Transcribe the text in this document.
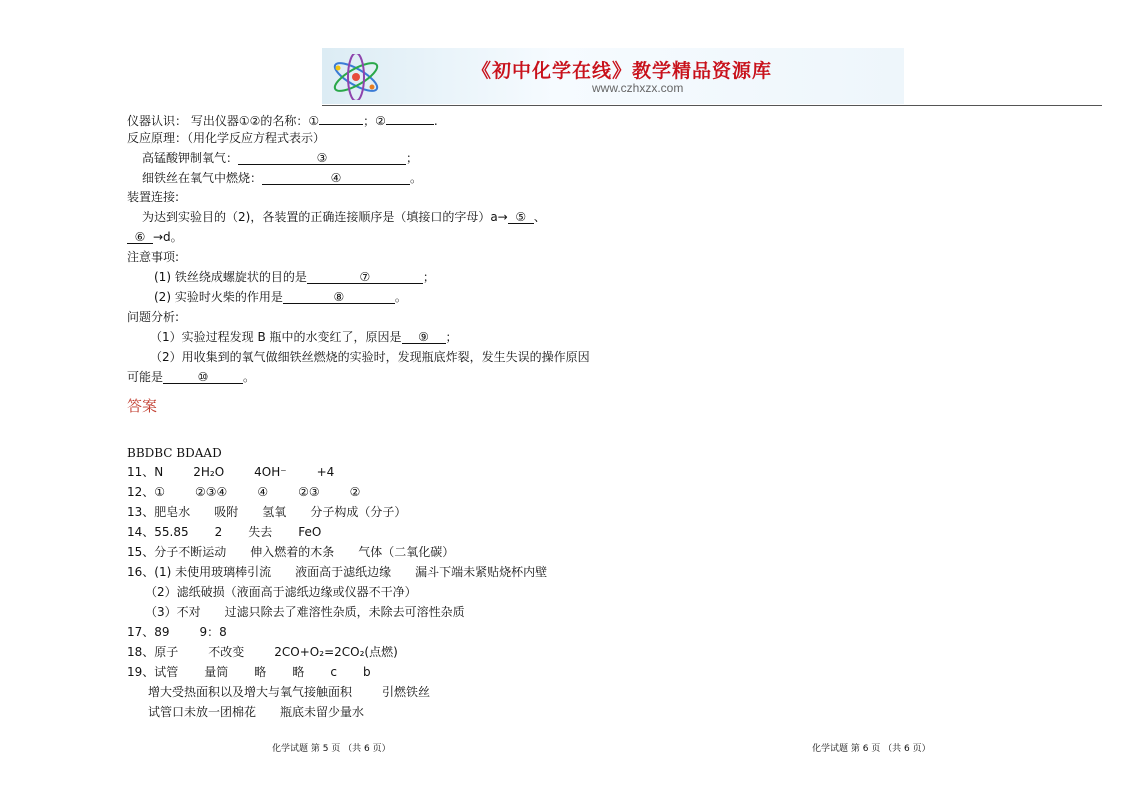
《初中化学在线》教学精品资源库
www.czhxzx.com
仪器认识： 写出仪器①②的名称：①	；②	.
反应原理：（用化学反应方程式表示）
高锰酸钾制氧气：	③	；
细铁丝在氧气中燃烧：	④	。
装置连接:
为达到实验目的（2)，各装置的正确连接顺序是（填接口的字母）a→ ⑤ 、
⑥ →d。
注意事项:
(1) 铁丝绕成螺旋状的目的是	⑦	；
(2) 实验时火柴的作用是	⑧	。
问题分析:
（1）实验过程发现 B 瓶中的水变红了，原因是 ⑨ ；
（2）用收集到的氧气做细铁丝燃烧的实验时，发现瓶底炸裂，发生失误的操作原因
可能是	⑩	。
答案
BBDBC BDAAD
11、N	2H₂O	4OH⁻	+4
12、①	②③④	④	②③	②
13、肥皂水 吸附 氢氧 分子构成（分子）
14、55.85 2 失去 FeO
15、分子不断运动 伸入燃着的木条 气体（二氧化碳）
16、(1) 未使用玻璃棒引流 液面高于滤纸边缘 漏斗下端未紧贴烧杯内壁
（2）滤纸破损（液面高于滤纸边缘或仪器不干净）
（3）不对 过滤只除去了难溶性杂质，未除去可溶性杂质
17、89	9：8
18、原子	不改变	2CO+O₂=2CO₂(点燃)
19、试管 量筒 略 略 c b
增大受热面积以及增大与氧气接触面积	引燃铁丝
试管口未放一团棉花 瓶底未留少量水
化学试题 第 5 页 （共 6 页）	化学试题 第 6 页 （共 6 页）
